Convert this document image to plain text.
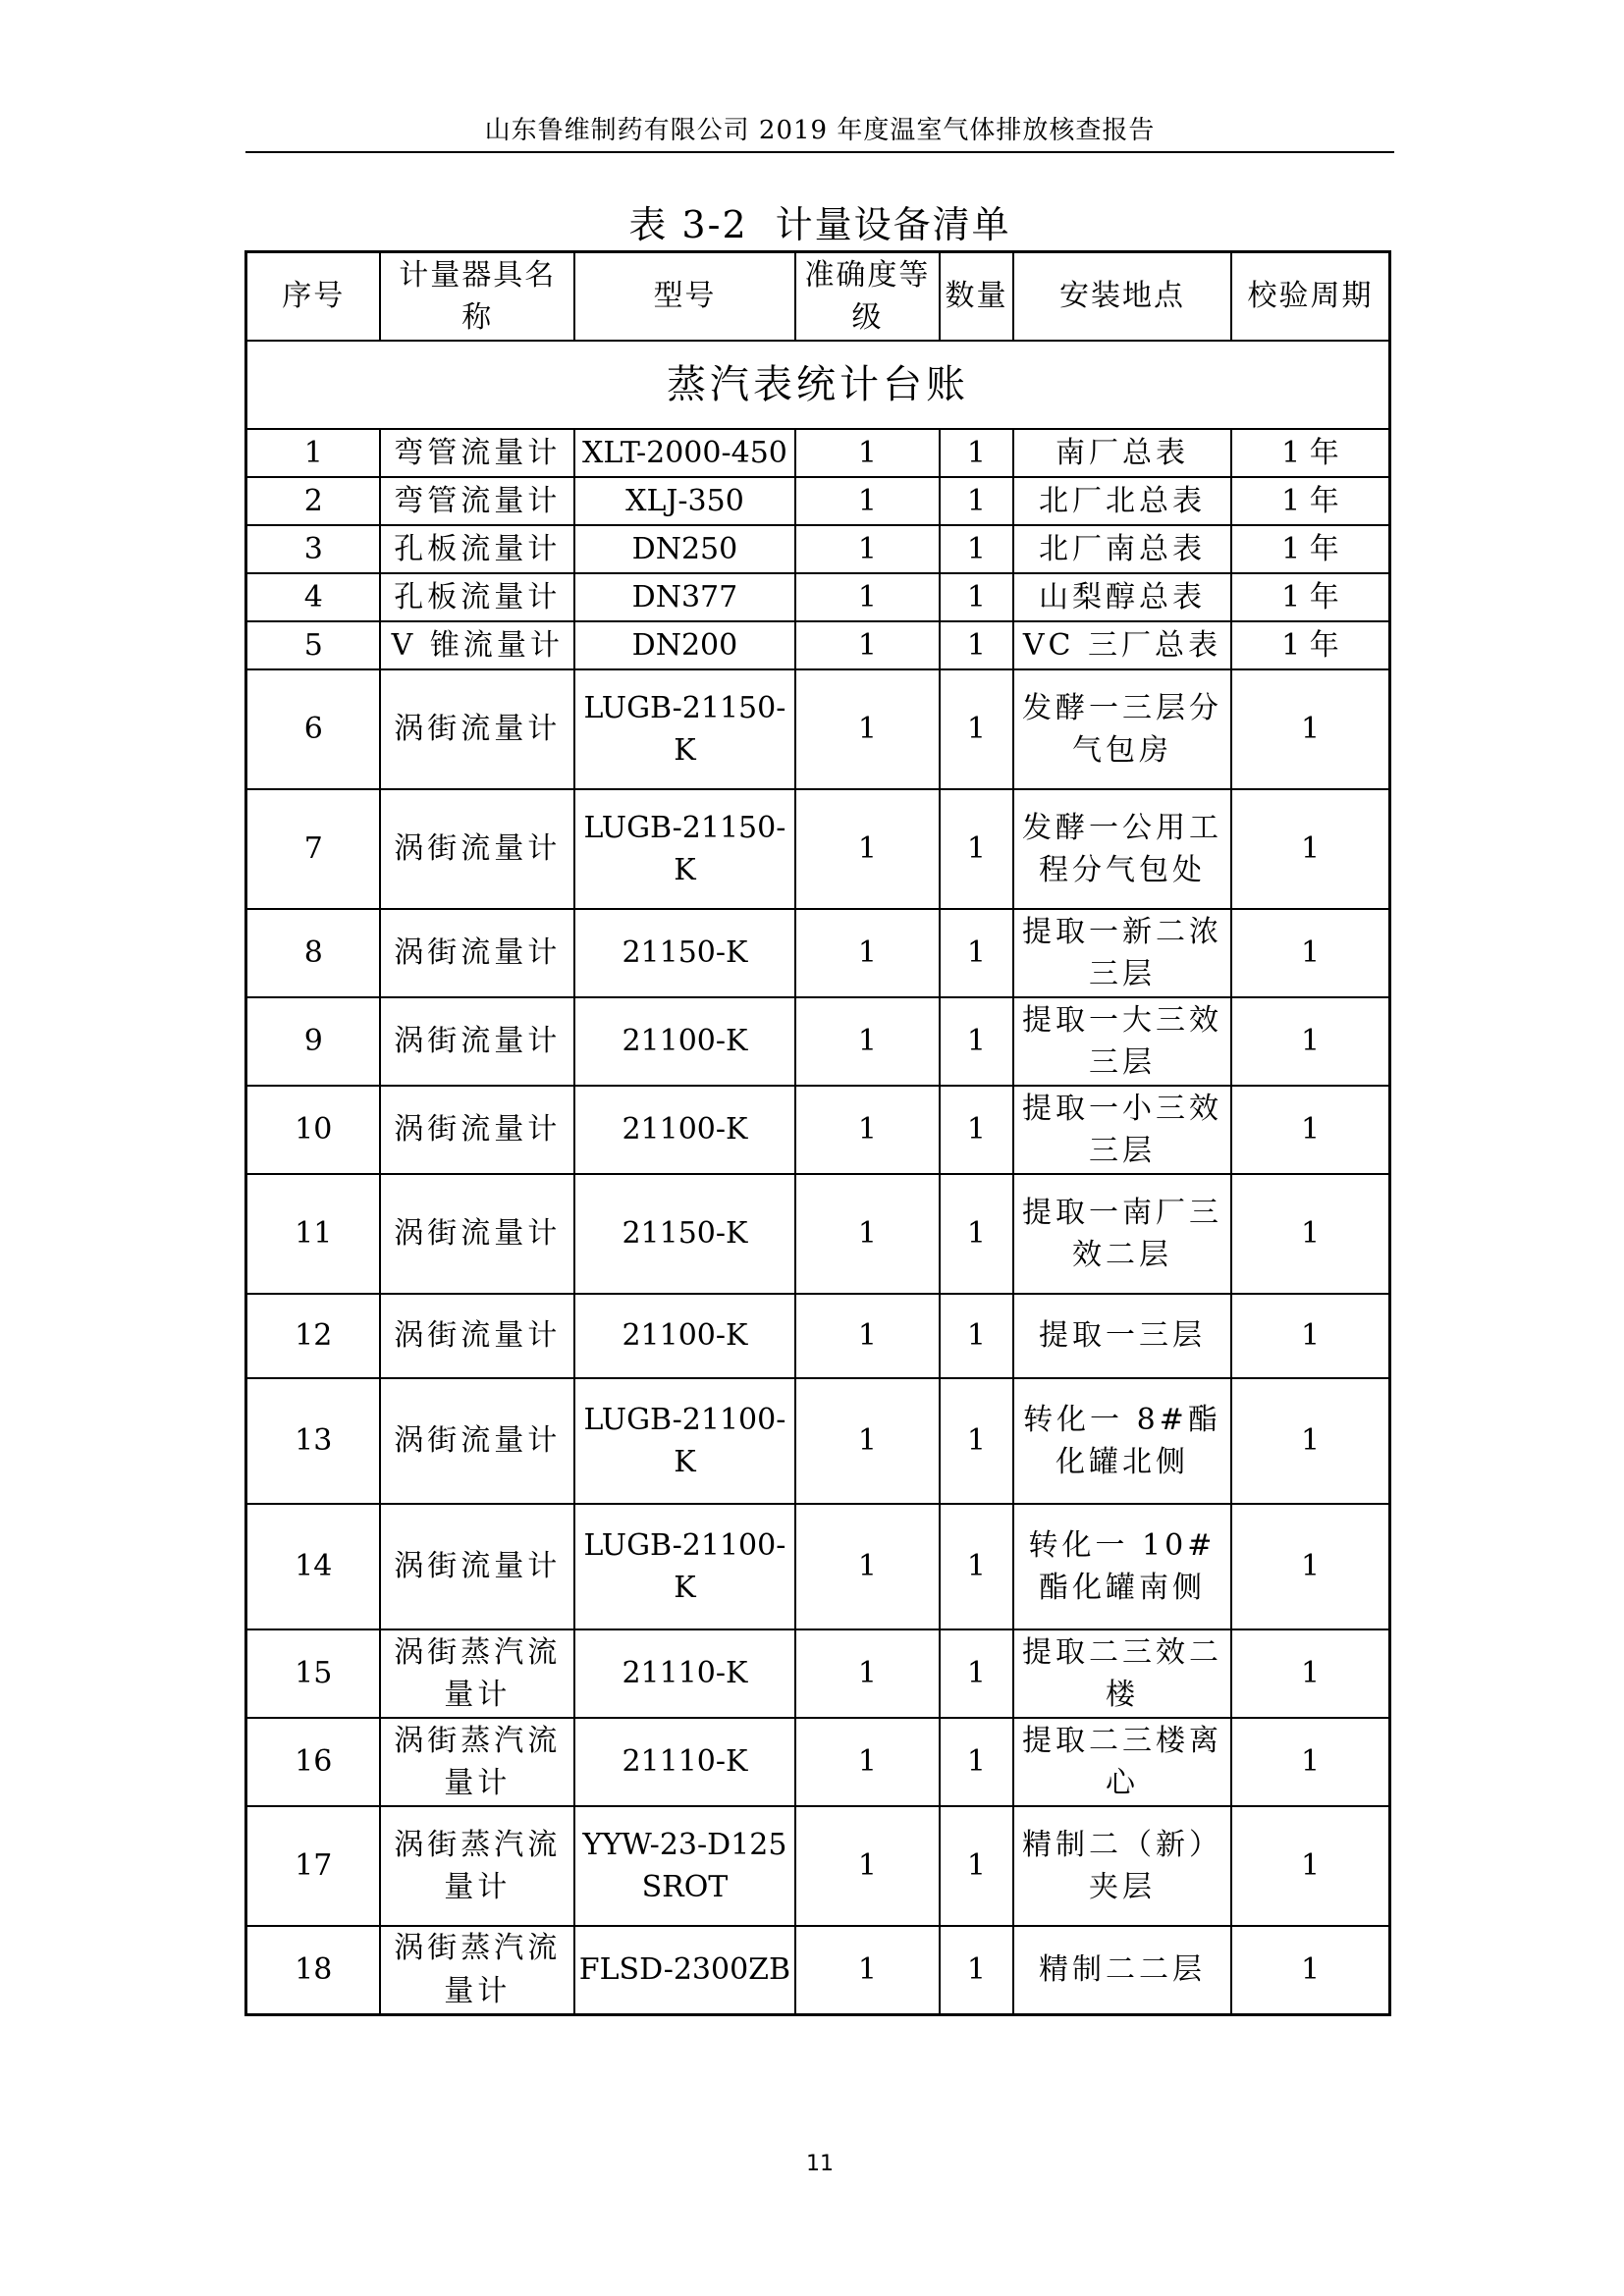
山东鲁维制药有限公司 2019 年度温室气体排放核查报告
表 3-2 计量设备清单
蒸汽表统计台账						
序号	计量器具名称	型号	准确度等级	数量	安装地点	校验周期
1	弯管流量计	XLT-2000-450	1	1	南厂总表	1 年
2	弯管流量计	XLJ-350	1	1	北厂北总表	1 年
3	孔板流量计	DN250	1	1	北厂南总表	1 年
4	孔板流量计	DN377	1	1	山梨醇总表	1 年
5	V 锥流量计	DN200	1	1	VC 三厂总表	1 年
6	涡街流量计	LUGB-21150-K	1	1	发酵一三层分气包房	1
7	涡街流量计	LUGB-21150-K	1	1	发酵一公用工程分气包处	1
8	涡街流量计	21150-K	1	1	提取一新二浓三层	1
9	涡街流量计	21100-K	1	1	提取一大三效三层	1
10	涡街流量计	21100-K	1	1	提取一小三效三层	1
11	涡街流量计	21150-K	1	1	提取一南厂三效二层	1
12	涡街流量计	21100-K	1	1	提取一三层	1
13	涡街流量计	LUGB-21100-K	1	1	转化一 8#酯化罐北侧	1
14	涡街流量计	LUGB-21100-K	1	1	转化一 10#酯化罐南侧	1
15	涡街蒸汽流量计	21110-K	1	1	提取二三效二楼	1
16	涡街蒸汽流量计	21110-K	1	1	提取二三楼离心	1
17	涡街蒸汽流量计	YYW-23-D125SROT	1	1	精制二（新）夹层	1
18	涡街蒸汽流量计	FLSD-2300ZB	1	1	精制二二层	1
11
